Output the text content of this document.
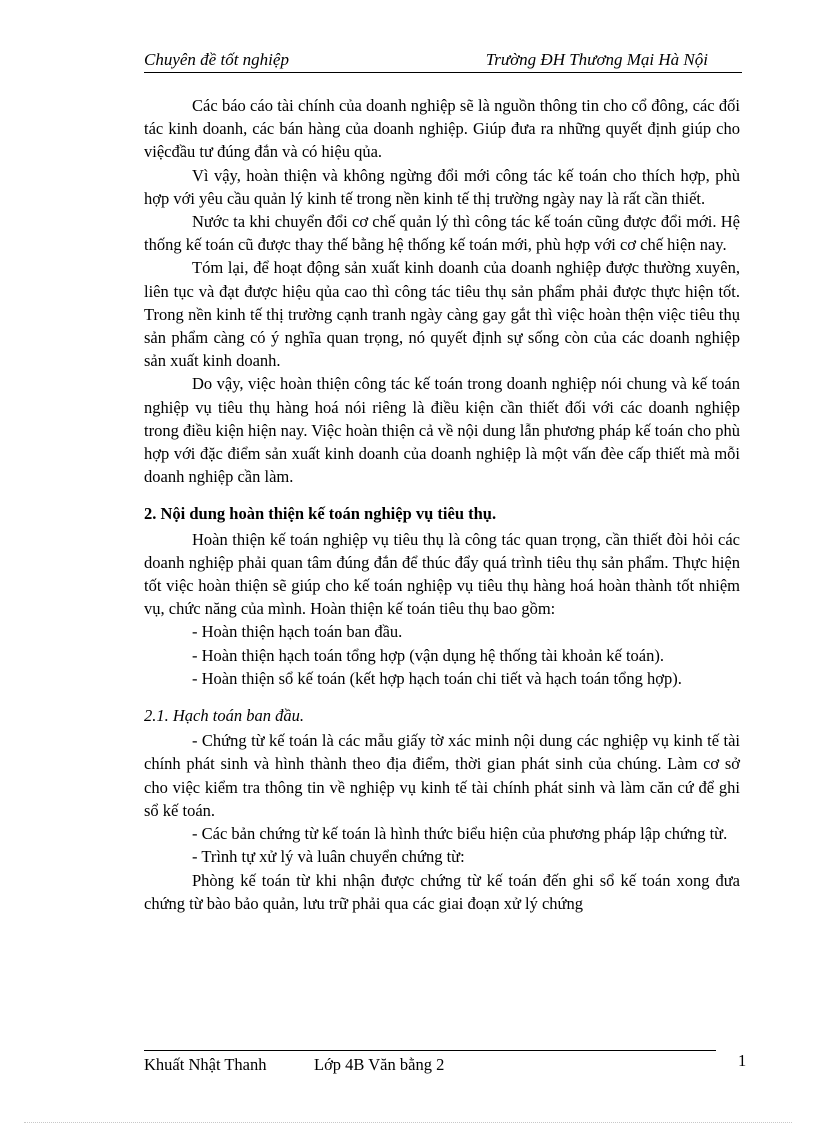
Chuyên đề tốt nghiệp	Trường ĐH Thương Mại Hà Nội

Các báo cáo tài chính của doanh nghiệp sẽ là nguồn thông tin cho cổ đông, các đối tác kinh doanh, các bán hàng của doanh nghiệp. Giúp đưa ra những quyết định giúp cho việcđầu tư đúng đắn và có hiệu qủa.

Vì vậy, hoàn thiện và không ngừng đổi mới công tác kế toán cho thích hợp, phù hợp với yêu cầu quản lý kinh tế trong nền kinh tế thị trường ngày nay là rất cần thiết.

Nước ta khi chuyển đổi cơ chế quản lý thì công tác kế toán cũng được đổi mới. Hệ thống kế toán cũ được thay thế bằng hệ thống kế toán mới, phù hợp với cơ chế hiện nay.

Tóm lại, để hoạt động sản xuất kinh doanh của doanh nghiệp được thường xuyên, liên tục và đạt được hiệu qủa cao thì công tác tiêu thụ sản phẩm phải được thực hiện tốt. Trong nền kinh tế thị trường cạnh tranh ngày càng gay gắt thì việc hoàn thện việc tiêu thụ sản phẩm càng có ý nghĩa quan trọng, nó quyết định sự sống còn của các doanh nghiệp sản xuất kinh doanh.

Do vậy, việc hoàn thiện công tác kế toán trong doanh nghiệp nói chung và kế toán nghiệp vụ tiêu thụ hàng hoá nói riêng là điều kiện cần thiết đối với các doanh nghiệp trong điều kiện hiện nay. Việc hoàn thiện cả về nội dung lẫn phương pháp kế toán cho phù hợp với đặc điểm sản xuất kinh doanh của doanh nghiệp là một vấn đèe cấp thiết mà mỗi doanh nghiệp cần làm.

2. Nội dung hoàn thiện kế toán nghiệp vụ tiêu thụ.

Hoàn thiện kế toán nghiệp vụ tiêu thụ là công tác quan trọng, cần thiết đòi hỏi các doanh nghiệp phải quan tâm đúng đắn để thúc đẩy quá trình tiêu thụ sản phẩm. Thực hiện tốt việc hoàn thiện sẽ giúp cho kế toán nghiệp vụ tiêu thụ hàng hoá hoàn thành tốt nhiệm vụ, chức năng của mình. Hoàn thiện kế toán tiêu thụ bao gồm:

- Hoàn thiện hạch toán ban đầu.

- Hoàn thiện hạch toán tổng hợp (vận dụng hệ thống tài khoản kế toán).

- Hoàn thiện sổ kế toán (kết hợp hạch toán chi tiết và hạch toán tổng hợp).

2.1. Hạch toán ban đầu.

- Chứng từ kế toán là các mẫu giấy tờ xác minh nội dung các nghiệp vụ kinh tế tài chính phát sinh và hình thành theo địa điểm, thời gian phát sinh của chúng. Làm cơ sở cho việc kiểm tra thông tin về nghiệp vụ kinh tế tài chính phát sinh và làm căn cứ để ghi sổ kế toán.

- Các bản chứng từ kế toán là hình thức biểu hiện của phương pháp lập chứng từ.

- Trình tự xử lý và luân chuyển chứng từ:

Phòng kế toán từ khi nhận được chứng từ kế toán đến ghi sổ kế toán xong đưa chứng từ bào bảo quản, lưu trữ phải qua các giai đoạn xử lý chứng

Khuất Nhật Thanh	Lớp 4B Văn bằng 2	1
